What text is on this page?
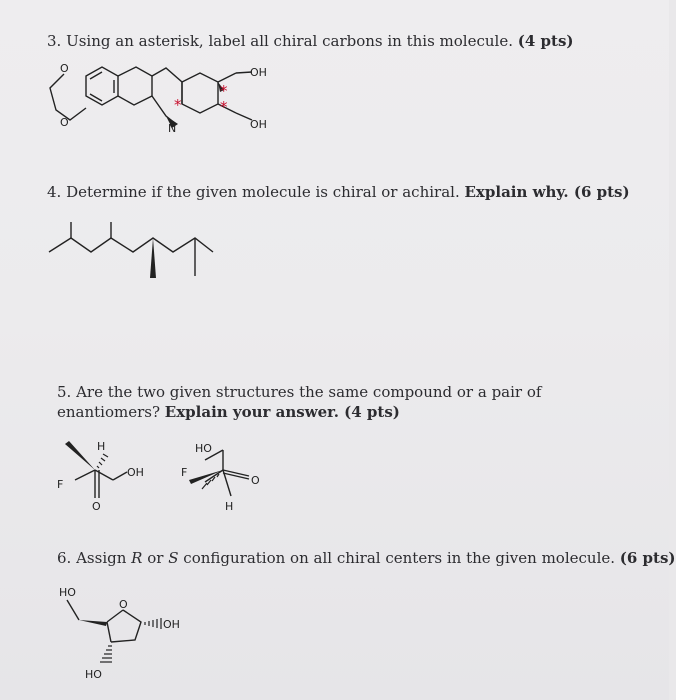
3. Using an asterisk, label all chiral carbons in this molecule. (4 pts)

*
*
*
O
O	N
OH
OH

4. Determine if the given molecule is chiral or achiral. Explain why. (6 pts)

5. Are the two given structures the same compound or a pair of enantiomers? Explain your answer. (4 pts)

H
OH
F
O
HO
F
O
H

6. Assign R or S configuration on all chiral centers in the given molecule. (6 pts)

HO
O
OH
HO
